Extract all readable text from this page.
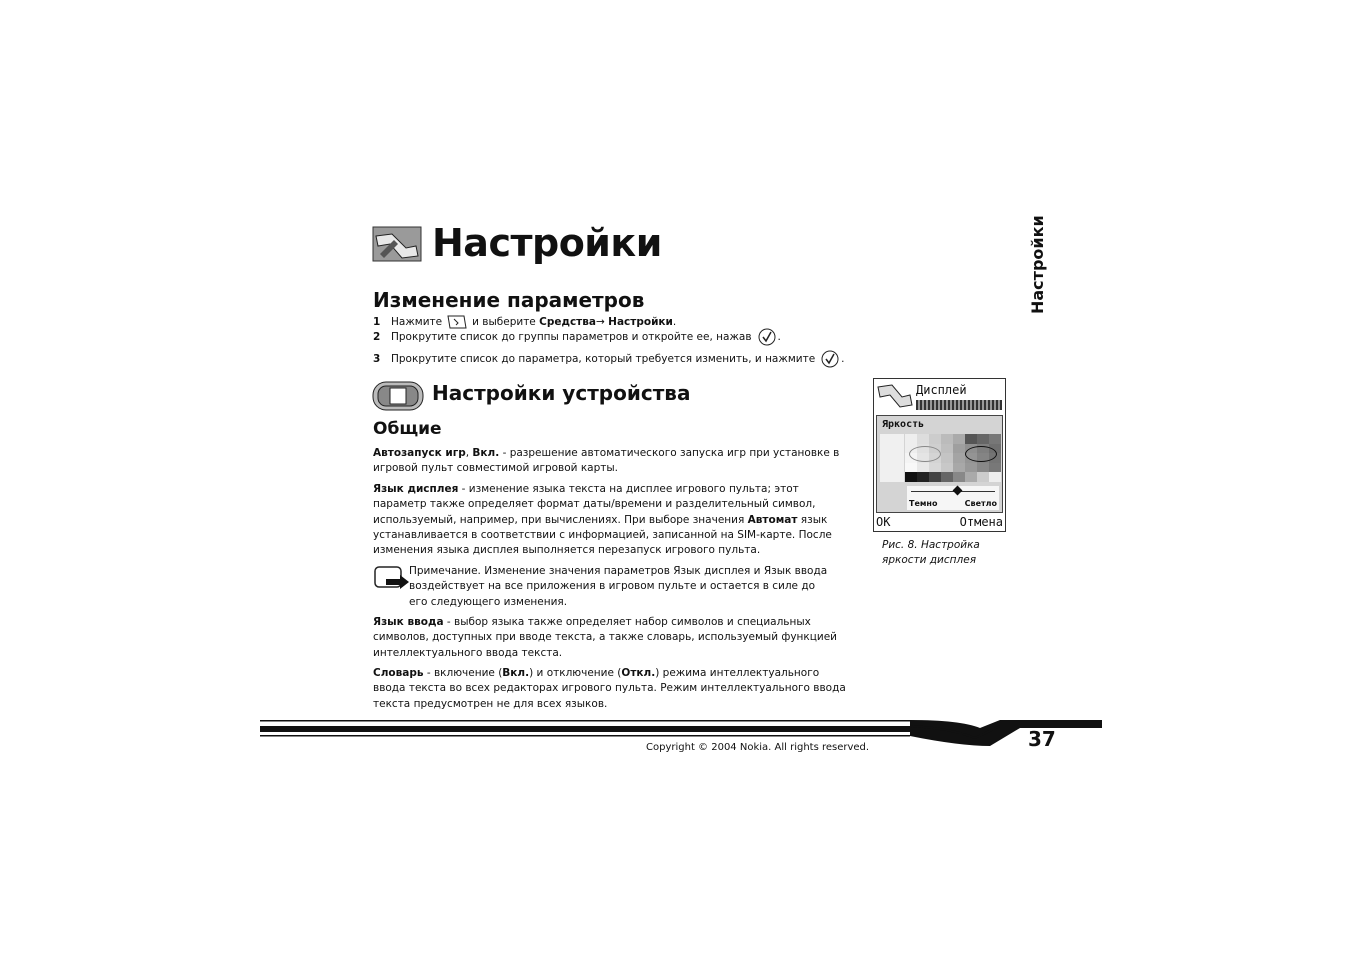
Настройки	Настройки
Изменение параметров
1	Нажмите	и выберите
Средства →
Настройки .
2	Прокрутите список до группы параметров и откройте ее, нажав .
3	Прокрутите список до параметра, который требуется изменить, и нажмите .
Настройки устройства
Общие

Автозапуск игр, Вкл. - разрешение автоматического запуска игр при установке в игровой пульт совместимой игровой карты.

Язык дисплея - изменение языка текста на дисплее игрового пульта; этот параметр также определяет формат даты/времени и разделительный символ, используемый, например, при вычислениях. При выборе значения Автомат язык устанавливается в соответствии с информацией, записанной на SIM-карте. После изменения языка дисплея выполняется перезапуск игрового пульта.

Примечание. Изменение значения параметров Язык дисплея и Язык ввода воздействует на все приложения в игровом пульте и остается в силе до его следующего изменения.

Язык ввода - выбор языка также определяет набор символов и специальных символов, доступных при вводе текста, а также словарь, используемый функцией интеллектуального ввода текста.

Словарь - включение (Вкл.) и отключение (Откл.) режима интеллектуального ввода текста во всех редакторах игрового пульта. Режим интеллектуального ввода текста предусмотрен не для всех языков.

Дисплей
Яркость
Темно	Светло
OK	Отмена
Рис. 8. Настройка
яркости дисплея
Copyright © 2004 Nokia. All rights reserved.	37
